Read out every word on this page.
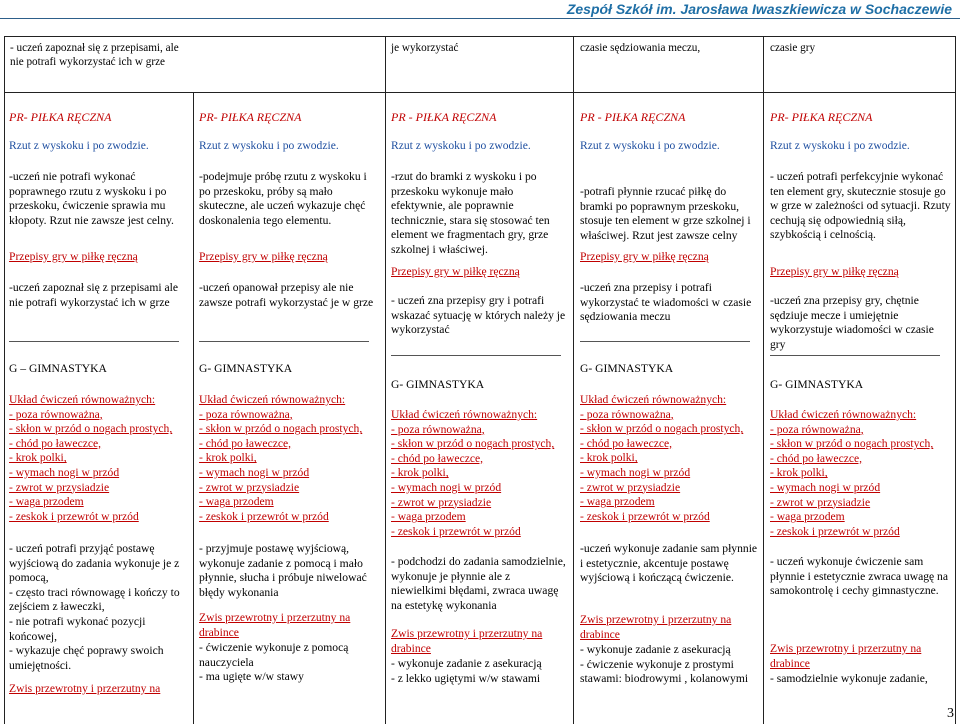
Zespół Szkół im. Jarosława Iwaszkiewicza w Sochaczewie

- uczeń zapoznał się z przepisami, ale nie potrafi wykorzystać ich w grze

je wykorzystać	czasie sędziowania meczu,	czasie gry

PR- PIŁKA RĘCZNA
Rzut z wyskoku i po zwodzie.
-uczeń nie potrafi wykonać poprawnego rzutu z wyskoku i po przeskoku, ćwiczenie sprawia mu kłopoty. Rzut nie zawsze jest celny.
Przepisy gry w piłkę ręczną
-uczeń zapoznał się z przepisami ale nie potrafi wykorzystać ich w grze
G – GIMNASTYKA

Układ ćwiczeń równoważnych:

- poza równoważna,

- skłon w przód o nogach prostych,

- chód po ławeczce,

- krok polki,

- wymach nogi w przód

- zwrot w przysiadzie

- waga przodem

- zeskok i przewrót w przód

- uczeń potrafi przyjąć postawę wyjściową do zadania wykonuje je z pomocą,
- często traci równowagę i kończy to zejściem z ławeczki,
- nie potrafi wykonać pozycji końcowej,
- wykazuje chęć poprawy swoich umiejętności.
Zwis przewrotny i przerzutny na
PR- PIŁKA RĘCZNA
Rzut z wyskoku i po zwodzie.
-podejmuje próbę rzutu z wyskoku i po przeskoku, próby są mało skuteczne, ale uczeń wykazuje chęć doskonalenia tego elementu.
Przepisy gry w piłkę ręczną
-uczeń opanował przepisy ale nie zawsze potrafi wykorzystać je w grze
G- GIMNASTYKA

Układ ćwiczeń równoważnych:

- poza równoważna,

- skłon w przód o nogach prostych,

- chód po ławeczce,

- krok polki,

- wymach nogi w przód

- zwrot w przysiadzie

- waga przodem

- zeskok i przewrót w przód

- przyjmuje postawę wyjściową, wykonuje zadanie z pomocą i mało płynnie, słucha i próbuje niwelować błędy wykonania
Zwis przewrotny i przerzutny na drabince
- ćwiczenie wykonuje z pomocą nauczyciela
- ma ugięte w/w stawy
PR - PIŁKA RĘCZNA
Rzut z wyskoku i po zwodzie.
-rzut do bramki z wyskoku i po przeskoku wykonuje mało efektywnie, ale poprawnie technicznie, stara się stosować ten element we fragmentach gry, grze szkolnej i właściwej.
Przepisy gry w piłkę ręczną
- uczeń zna przepisy gry i potrafi wskazać sytuację w których należy je wykorzystać
G- GIMNASTYKA

Układ ćwiczeń równoważnych:

- poza równoważna,

- skłon w przód o nogach prostych,

- chód po ławeczce,

- krok polki,

- wymach nogi w przód

- zwrot w przysiadzie

- waga przodem

- zeskok i przewrót w przód

- podchodzi do zadania samodzielnie, wykonuje je płynnie ale z niewielkimi błędami, zwraca uwagę na estetykę wykonania
Zwis przewrotny i przerzutny na drabince
- wykonuje zadanie z asekuracją
- z lekko ugiętymi w/w stawami
PR - PIŁKA RĘCZNA
Rzut z wyskoku i po zwodzie.
-potrafi płynnie rzucać piłkę do bramki po poprawnym przeskoku, stosuje ten element w grze szkolnej i właściwej. Rzut jest zawsze celny
Przepisy gry w piłkę ręczną
-uczeń zna przepisy i potrafi wykorzystać te wiadomości w czasie sędziowania meczu
G- GIMNASTYKA

Układ ćwiczeń równoważnych:

- poza równoważna,

- skłon w przód o nogach prostych,

- chód po ławeczce,

- krok polki,

- wymach nogi w przód

- zwrot w przysiadzie

- waga przodem

- zeskok i przewrót w przód

-uczeń wykonuje zadanie sam płynnie i estetycznie, akcentuje postawę wyjściową i kończącą ćwiczenie.
Zwis przewrotny i przerzutny na drabince
- wykonuje zadanie z asekuracją
- ćwiczenie wykonuje z prostymi stawami: biodrowymi , kolanowymi
PR- PIŁKA RĘCZNA
Rzut z wyskoku i po zwodzie.
- uczeń potrafi perfekcyjnie wykonać ten element gry, skutecznie stosuje go w grze w zależności od sytuacji. Rzuty cechują się odpowiednią siłą, szybkością i celnością.
Przepisy gry w piłkę ręczną
-uczeń zna przepisy gry, chętnie sędziuje mecze i umiejętnie wykorzystuje wiadomości w czasie gry
G- GIMNASTYKA

Układ ćwiczeń równoważnych:

- poza równoważna,

- skłon w przód o nogach prostych,

- chód po ławeczce,

- krok polki,

- wymach nogi w przód

- zwrot w przysiadzie

- waga przodem

- zeskok i przewrót w przód

- uczeń wykonuje ćwiczenie sam płynnie i estetycznie zwraca uwagę na samokontrolę i cechy gimnastyczne.
Zwis przewrotny i przerzutny na drabince
- samodzielnie wykonuje zadanie,
3
